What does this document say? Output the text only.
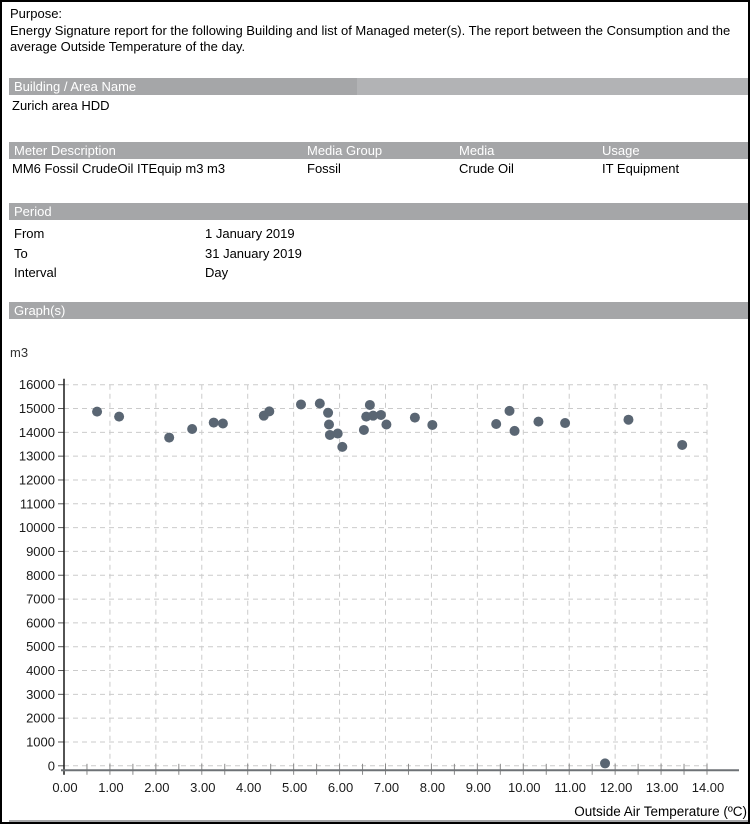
Purpose:
Energy Signature report for the following Building and list of Managed meter(s). The report between the Consumption and the average Outside Temperature of the day.
Building / Area Name
Zurich area HDD
Meter Description	Media Group	Media	Usage
MM6 Fossil CrudeOil ITEquip m3 m3	Fossil	Crude Oil	IT Equipment
Period
From	1 January 2019
To	31 January 2019
Interval	Day
Graph(s)
m3
0
1000
2000
3000
4000
5000
6000
7000
8000
9000
10000
11000
12000
13000
14000
15000
16000
0.00 1.00 2.00 3.00 4.00 5.00 6.00 7.00 8.00 9.00 10.00 11.00 12.00 13.00 14.00
Outside Air Temperature (ºC)
